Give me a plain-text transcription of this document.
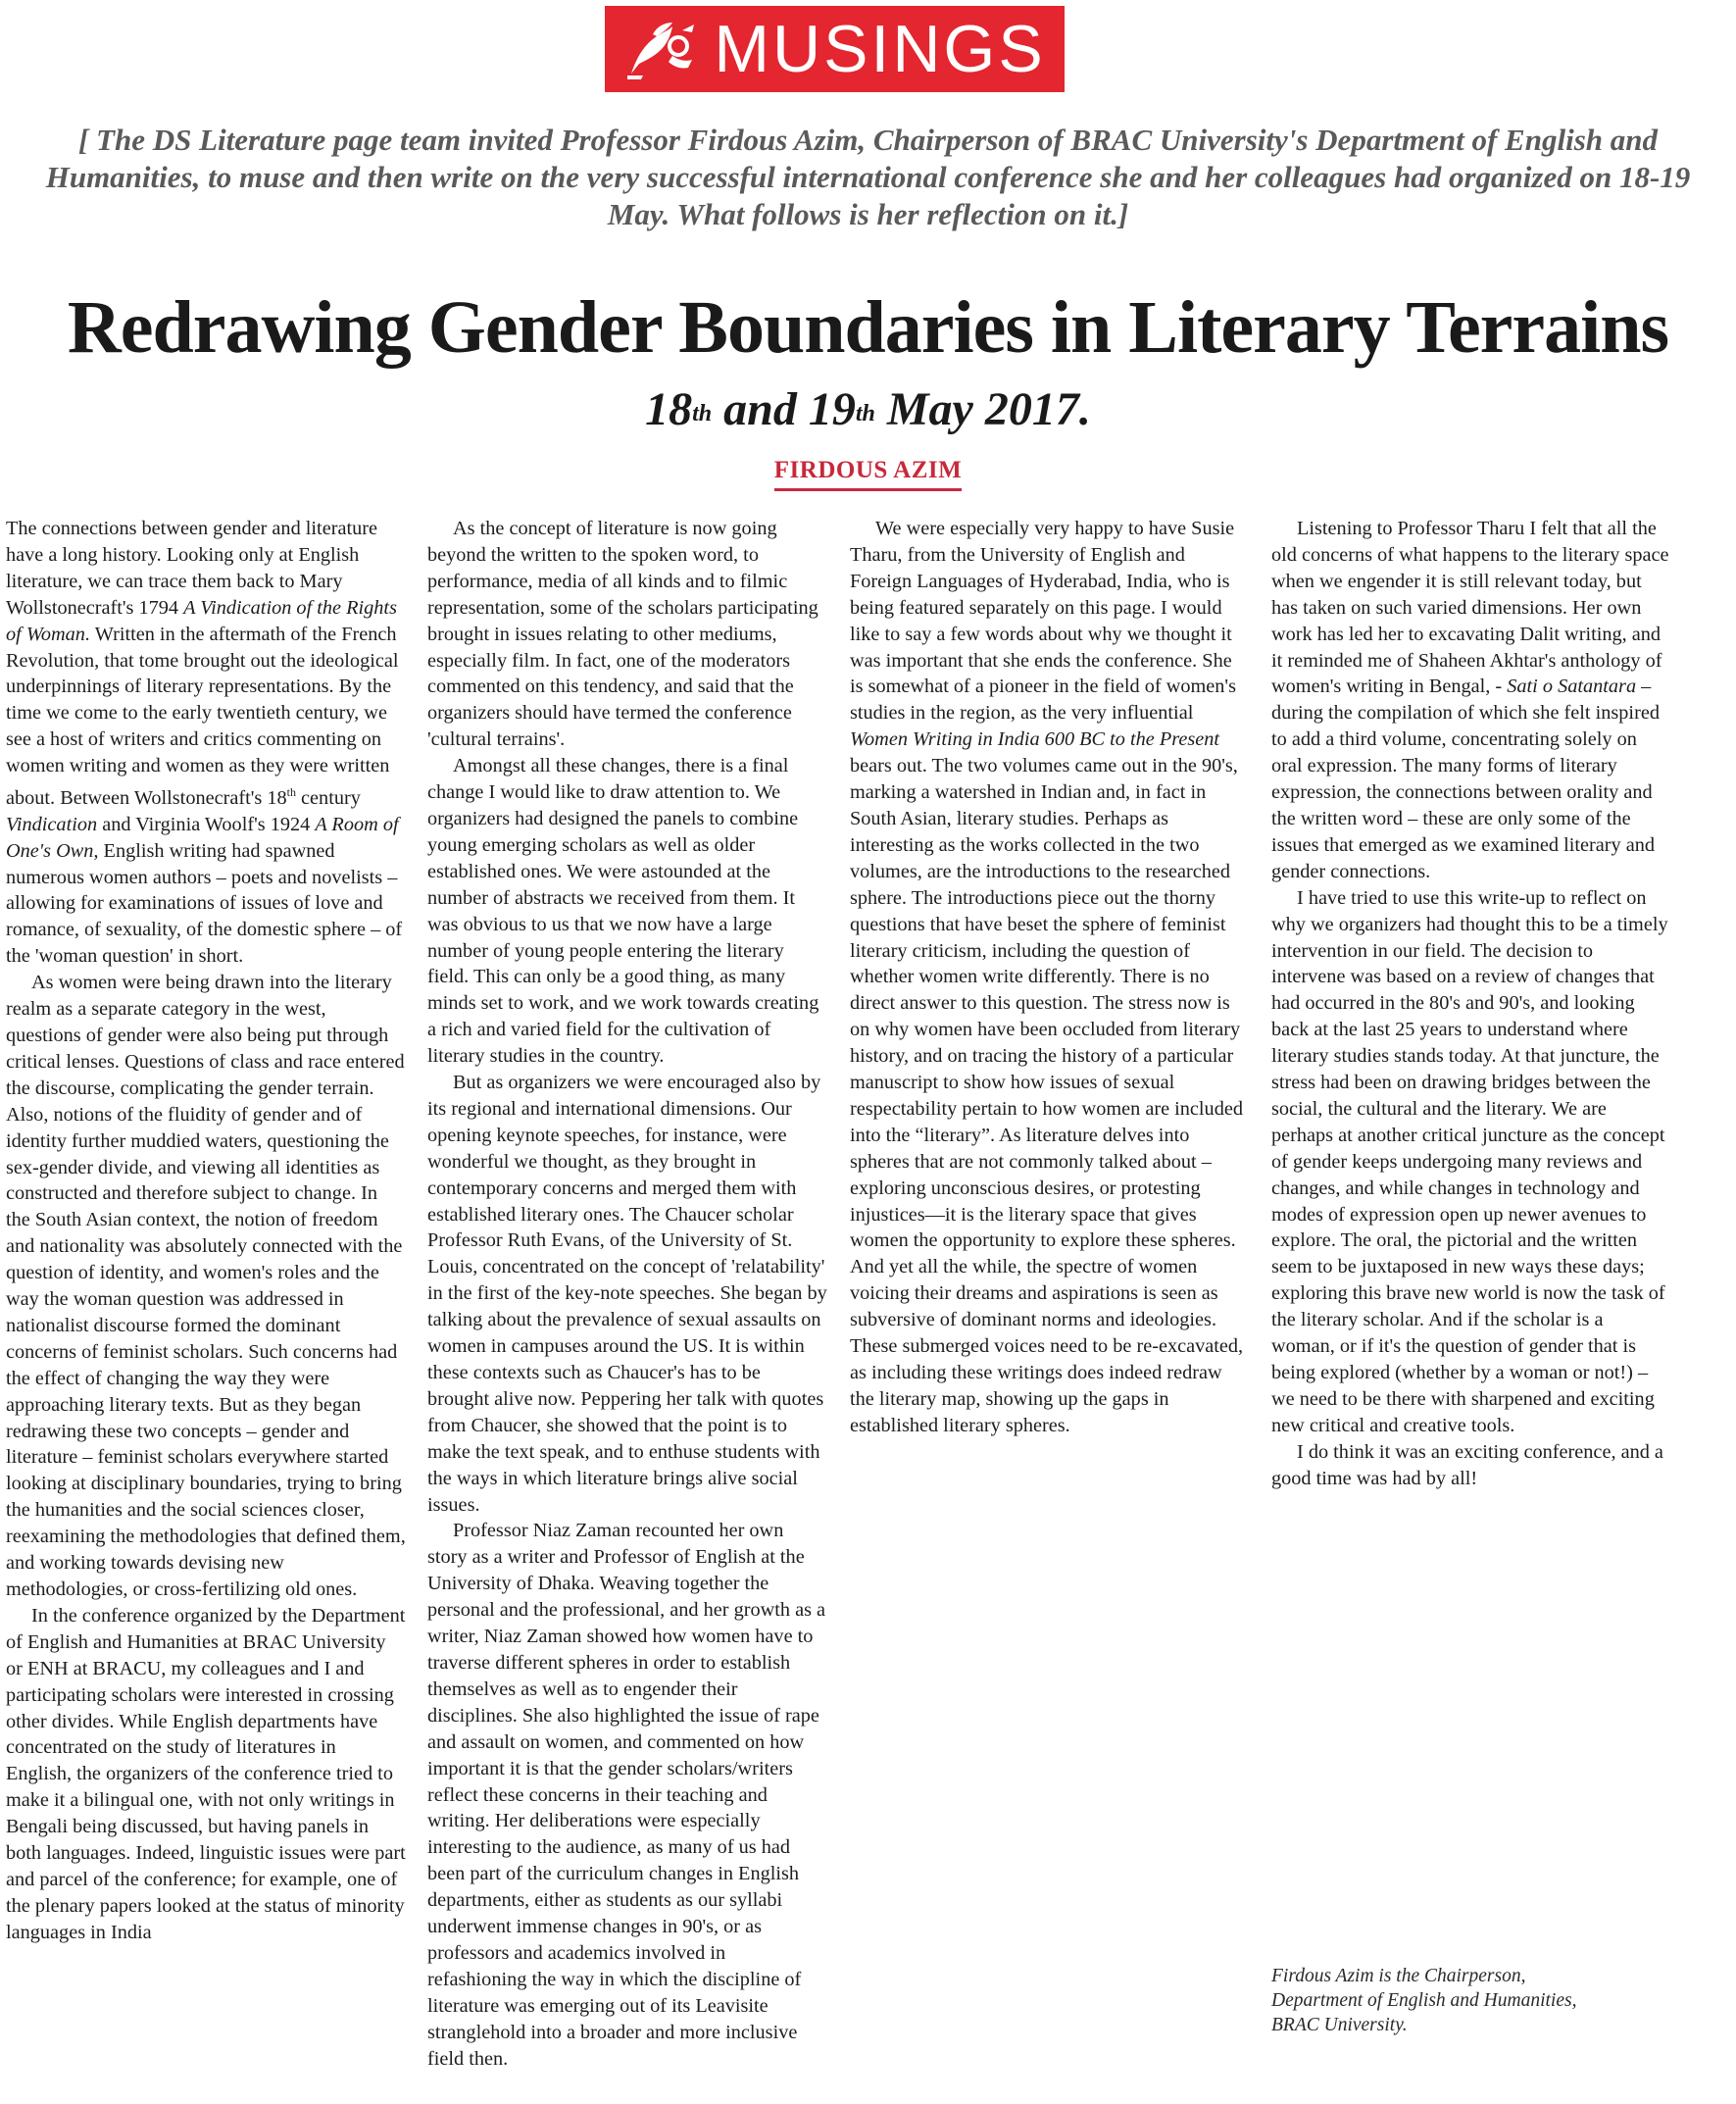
MUSINGS
[ The DS Literature page team invited Professor Firdous Azim, Chairperson of BRAC University's Department of English and Humanities, to muse and then write on the very successful international conference she and her colleagues had organized on 18-19 May. What follows is her reflection on it.]
Redrawing Gender Boundaries in Literary Terrains
18th and 19th May 2017.
FIRDOUS AZIM

The connections between gender and literature have a long history. Looking only at English literature, we can trace them back to Mary Wollstonecraft's 1794 A Vindication of the Rights of Woman. Written in the aftermath of the French Revolution, that tome brought out the ideological underpinnings of literary representations. By the time we come to the early twentieth century, we see a host of writers and critics commenting on women writing and women as they were written about. Between Wollstonecraft's 18th century Vindication and Virginia Woolf's 1924 A Room of One's Own, English writing had spawned numerous women authors – poets and novelists – allowing for examinations of issues of love and romance, of sexuality, of the domestic sphere – of the 'woman question' in short.

As women were being drawn into the literary realm as a separate category in the west, questions of gender were also being put through critical lenses. Questions of class and race entered the discourse, complicating the gender terrain. Also, notions of the fluidity of gender and of identity further muddied waters, questioning the sex-gender divide, and viewing all identities as constructed and therefore subject to change. In the South Asian context, the notion of freedom and nationality was absolutely connected with the question of identity, and women's roles and the way the woman question was addressed in nationalist discourse formed the dominant concerns of feminist scholars. Such concerns had the effect of changing the way they were approaching literary texts. But as they began redrawing these two concepts – gender and literature – feminist scholars everywhere started looking at disciplinary boundaries, trying to bring the humanities and the social sciences closer, reexamining the methodologies that defined them, and working towards devising new methodologies, or cross-fertilizing old ones.

In the conference organized by the Department of English and Humanities at BRAC University or ENH at BRACU, my colleagues and I and participating scholars were interested in crossing other divides. While English departments have concentrated on the study of literatures in English, the organizers of the conference tried to make it a bilingual one, with not only writings in Bengali being discussed, but having panels in both languages. Indeed, linguistic issues were part and parcel of the conference; for example, one of the plenary papers looked at the status of minority languages in India

As the concept of literature is now going beyond the written to the spoken word, to performance, media of all kinds and to filmic representation, some of the scholars participating brought in issues relating to other mediums, especially film. In fact, one of the moderators commented on this tendency, and said that the organizers should have termed the conference 'cultural terrains'.

Amongst all these changes, there is a final change I would like to draw attention to. We organizers had designed the panels to combine young emerging scholars as well as older established ones. We were astounded at the number of abstracts we received from them. It was obvious to us that we now have a large number of young people entering the literary field. This can only be a good thing, as many minds set to work, and we work towards creating a rich and varied field for the cultivation of literary studies in the country.

But as organizers we were encouraged also by its regional and international dimensions. Our opening keynote speeches, for instance, were wonderful we thought, as they brought in contemporary concerns and merged them with established literary ones. The Chaucer scholar Professor Ruth Evans, of the University of St. Louis, concentrated on the concept of 'relatability' in the first of the key-note speeches. She began by talking about the prevalence of sexual assaults on women in campuses around the US. It is within these contexts such as Chaucer's has to be brought alive now. Peppering her talk with quotes from Chaucer, she showed that the point is to make the text speak, and to enthuse students with the ways in which literature brings alive social issues.

Professor Niaz Zaman recounted her own story as a writer and Professor of English at the University of Dhaka. Weaving together the personal and the professional, and her growth as a writer, Niaz Zaman showed how women have to traverse different spheres in order to establish themselves as well as to engender their disciplines. She also highlighted the issue of rape and assault on women, and commented on how important it is that the gender scholars/writers reflect these concerns in their teaching and writing. Her deliberations were especially interesting to the audience, as many of us had been part of the curriculum changes in English departments, either as students as our syllabi underwent immense changes in 90's, or as professors and academics involved in refashioning the way in which the discipline of literature was emerging out of its Leavisite stranglehold into a broader and more inclusive field then.

We were especially very happy to have Susie Tharu, from the University of English and Foreign Languages of Hyderabad, India, who is being featured separately on this page. I would like to say a few words about why we thought it was important that she ends the conference. She is somewhat of a pioneer in the field of women's studies in the region, as the very influential Women Writing in India 600 BC to the Present bears out. The two volumes came out in the 90's, marking a watershed in Indian and, in fact in South Asian, literary studies. Perhaps as interesting as the works collected in the two volumes, are the introductions to the researched sphere. The introductions piece out the thorny questions that have beset the sphere of feminist literary criticism, including the question of whether women write differently. There is no direct answer to this question. The stress now is on why women have been occluded from literary history, and on tracing the history of a particular manuscript to show how issues of sexual respectability pertain to how women are included into the “literary”. As literature delves into spheres that are not commonly talked about – exploring unconscious desires, or protesting injustices—it is the literary space that gives women the opportunity to explore these spheres. And yet all the while, the spectre of women voicing their dreams and aspirations is seen as subversive of dominant norms and ideologies. These submerged voices need to be re-excavated, as including these writings does indeed redraw the literary map, showing up the gaps in established literary spheres.

Listening to Professor Tharu I felt that all the old concerns of what happens to the literary space when we engender it is still relevant today, but has taken on such varied dimensions. Her own work has led her to excavating Dalit writing, and it reminded me of Shaheen Akhtar's anthology of women's writing in Bengal, - Sati o Satantara – during the compilation of which she felt inspired to add a third volume, concentrating solely on oral expression. The many forms of literary expression, the connections between orality and the written word – these are only some of the issues that emerged as we examined literary and gender connections.

I have tried to use this write-up to reflect on why we organizers had thought this to be a timely intervention in our field. The decision to intervene was based on a review of changes that had occurred in the 80's and 90's, and looking back at the last 25 years to understand where literary studies stands today. At that juncture, the stress had been on drawing bridges between the social, the cultural and the literary. We are perhaps at another critical juncture as the concept of gender keeps undergoing many reviews and changes, and while changes in technology and modes of expression open up newer avenues to explore. The oral, the pictorial and the written seem to be juxtaposed in new ways these days; exploring this brave new world is now the task of the literary scholar. And if the scholar is a woman, or if it's the question of gender that is being explored (whether by a woman or not!) – we need to be there with sharpened and exciting new critical and creative tools.

I do think it was an exciting conference, and a good time was had by all!

Firdous Azim is the Chairperson,
Department of English and Humanities,
BRAC University.
